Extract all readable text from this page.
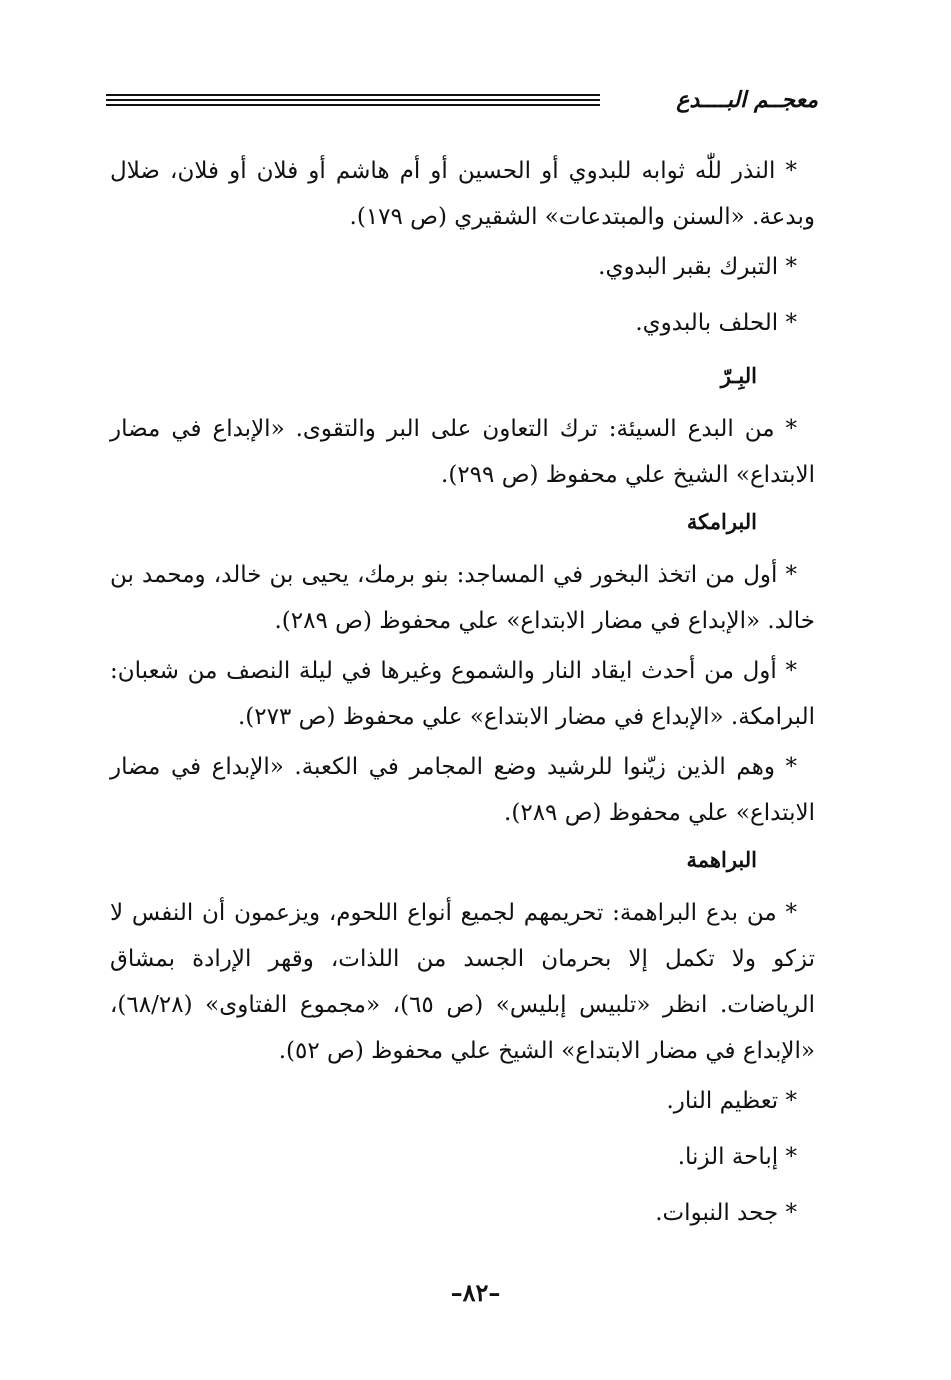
معجــم البــــدع

* النذر للّٰه ثوابه للبدوي أو الحسين أو أم هاشم أو فلان أو فلان، ضلال وبدعة. «السنن والمبتدعات» الشقيري (ص ١٧٩).

* التبرك بقبر البدوي.

* الحلف بالبدوي.

البِـرّ

* من البدع السيئة: ترك التعاون على البر والتقوى. «الإبداع في مضار الابتداع» الشيخ علي محفوظ (ص ٢٩٩).

البرامكة

* أول من اتخذ البخور في المساجد: بنو برمك، يحيى بن خالد، ومحمد بن خالد. «الإبداع في مضار الابتداع» علي محفوظ (ص ٢٨٩).

* أول من أحدث ايقاد النار والشموع وغيرها في ليلة النصف من شعبان: البرامكة. «الإبداع في مضار الابتداع» علي محفوظ (ص ٢٧٣).

* وهم الذين زيّنوا للرشيد وضع المجامر في الكعبة. «الإبداع في مضار الابتداع» علي محفوظ (ص ٢٨٩).

البراهمة

* من بدع البراهمة: تحريمهم لجميع أنواع اللحوم، ويزعمون أن النفس لا تزكو ولا تكمل إلا بحرمان الجسد من اللذات، وقهر الإرادة بمشاق الرياضات. انظر «تلبيس إبليس» (ص ٦٥)، «مجموع الفتاوى» (٦٨/٢٨)، «الإبداع في مضار الابتداع» الشيخ علي محفوظ (ص ٥٢).

* تعظيم النار.

* إباحة الزنا.

* جحد النبوات.

–٨٢–
